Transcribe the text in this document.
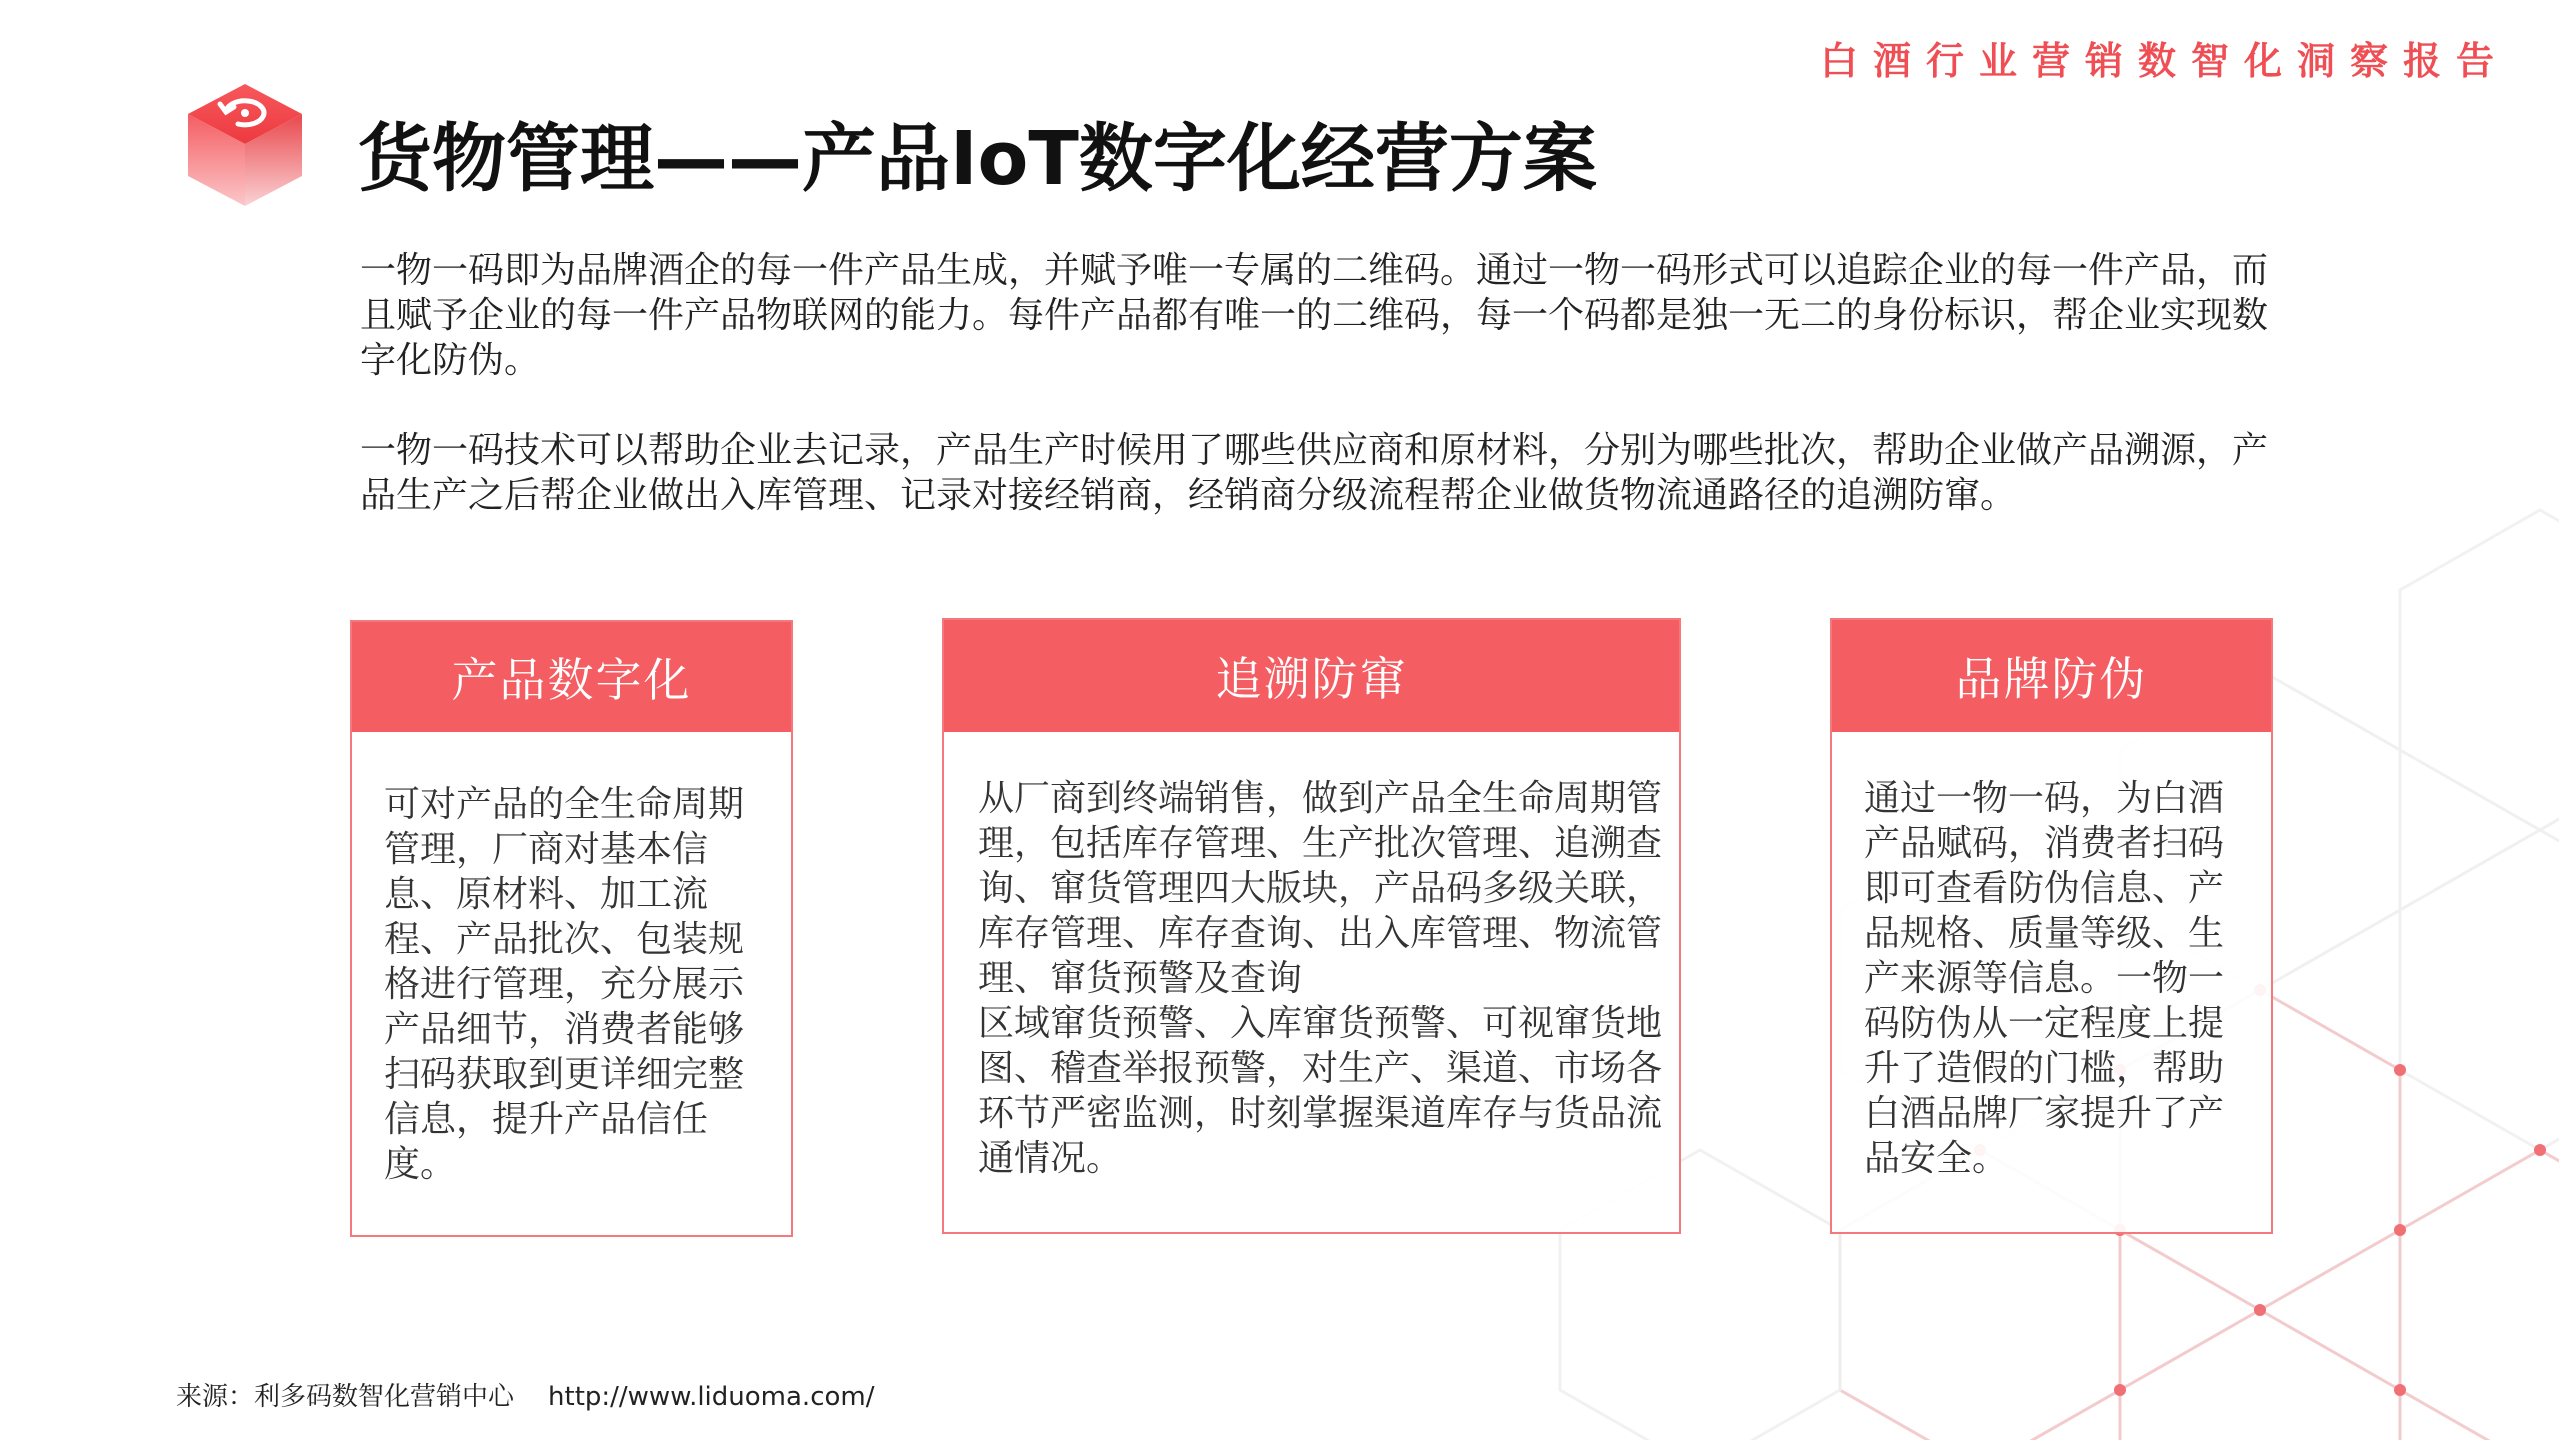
白酒行业营销数智化洞察报告
货物管理——产品IoT数字化经营方案

一物一码即为品牌酒企的每一件产品生成，并赋予唯一专属的二维码。通过一物一码形式可以追踪企业的每一件产品，而且赋予企业的每一件产品物联网的能力。每件产品都有唯一的二维码，每一个码都是独一无二的身份标识，帮企业实现数字化防伪。

一物一码技术可以帮助企业去记录，产品生产时候用了哪些供应商和原材料，分别为哪些批次，帮助企业做产品溯源，产品生产之后帮企业做出入库管理、记录对接经销商，经销商分级流程帮企业做货物流通路径的追溯防窜。

产品数字化
可对产品的全生命周期管理，厂商对基本信息、原材料、加工流程、产品批次、包装规格进行管理，充分展示产品细节，消费者能够扫码获取到更详细完整信息，提升产品信任度。
追溯防窜
从厂商到终端销售，做到产品全生命周期管理，包括库存管理、生产批次管理、追溯查询、窜货管理四大版块，产品码多级关联，库存管理、库存查询、出入库管理、物流管理、窜货预警及查询
区域窜货预警、入库窜货预警、可视窜货地图、稽查举报预警，对生产、渠道、市场各环节严密监测，时刻掌握渠道库存与货品流通情况。
品牌防伪
通过一物一码，为白酒产品赋码，消费者扫码即可查看防伪信息、产品规格、质量等级、生产来源等信息。一物一码防伪从一定程度上提升了造假的门槛，帮助白酒品牌厂家提升了产品安全。
来源：利多码数智化营销中心 http://www.liduoma.com/
